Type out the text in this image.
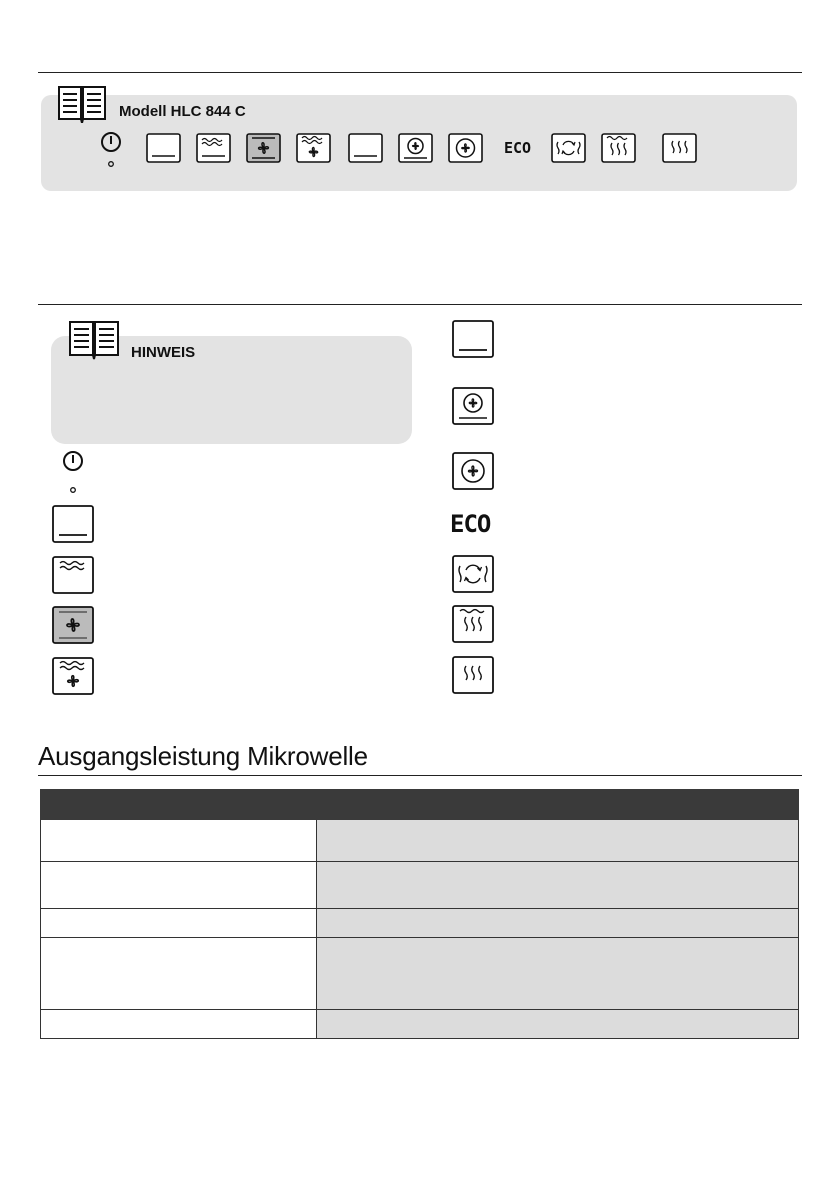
Modell HLC 844 C
ECO
HINWEIS
ECO
Ausgangsleistung Mikrowelle
